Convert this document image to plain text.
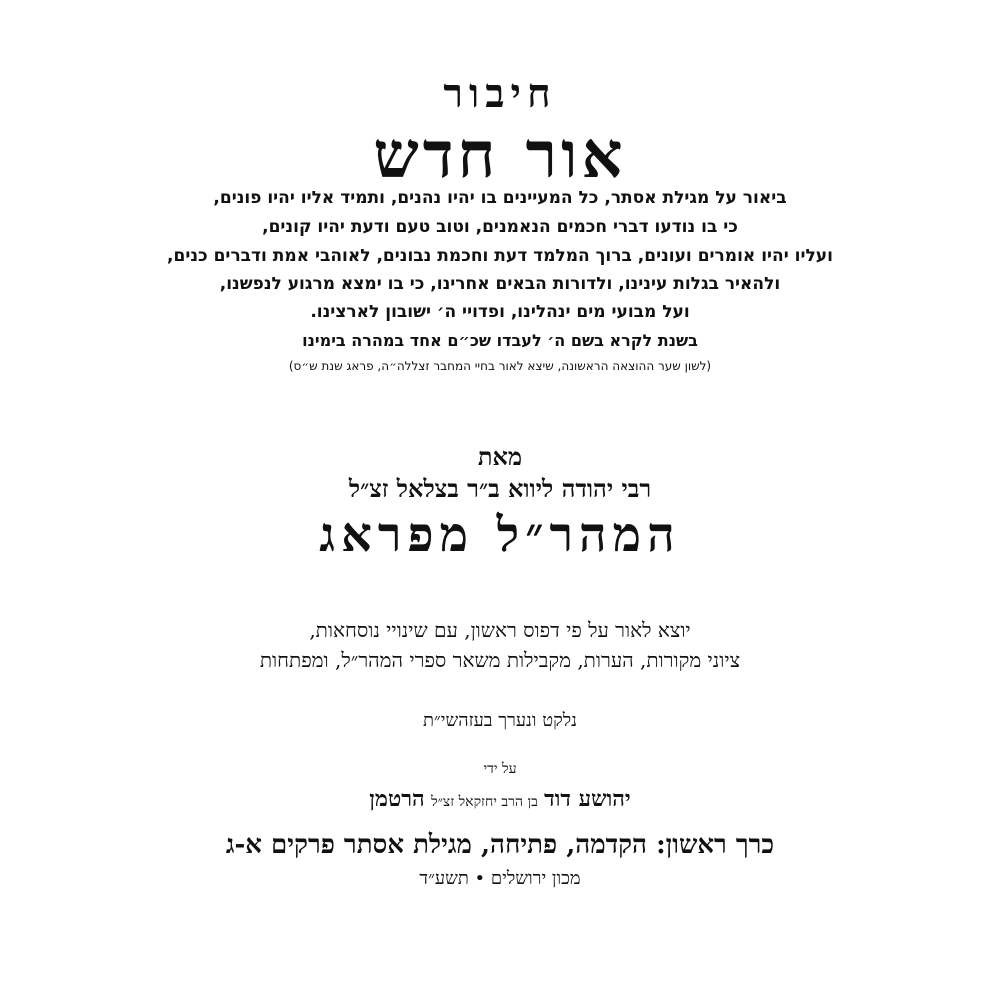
חיבור
אור חדש
ביאור על מגילת אסתר, כל המעיינים בו יהיו נהנים, ותמיד אליו יהיו פונים,
כי בו נודעו דברי חכמים הנאמנים, וטוב טעם ודעת יהיו קונים,
ועליו יהיו אומרים ועונים, ברוך המלמד דעת וחכמת נבונים, לאוהבי אמת ודברים כנים,
ולהאיר בגלות עינינו, ולדורות הבאים אחרינו, כי בו ימצא מרגוע לנפשנו,
ועל מבועי מים ינהלינו, ופדויי ה׳ ישובון לארצינו.
בשנת לקרא בשם ה׳ לעבדו שכ״ם אחד במהרה בימינו
(לשון שער ההוצאה הראשונה, שיצא לאור בחיי המחבר זצללה״ה, פראג שנת ש״ס)
מאת
רבי יהודה ליווא ב״ר בצלאל זצ״ל
המהר״ל מפראג
יוצא לאור על פי דפוס ראשון, עם שינויי נוסחאות,
ציוני מקורות, הערות, מקבילות משאר ספרי המהר״ל, ומפתחות
נלקט ונערך בעזהשי״ת
על ידי
יהושע דוד בן הרב יחזקאל זצ״ל הרטמן
כרך ראשון: הקדמה, פתיחה, מגילת אסתר פרקים א-ג
מכון ירושלים • תשע״ד
